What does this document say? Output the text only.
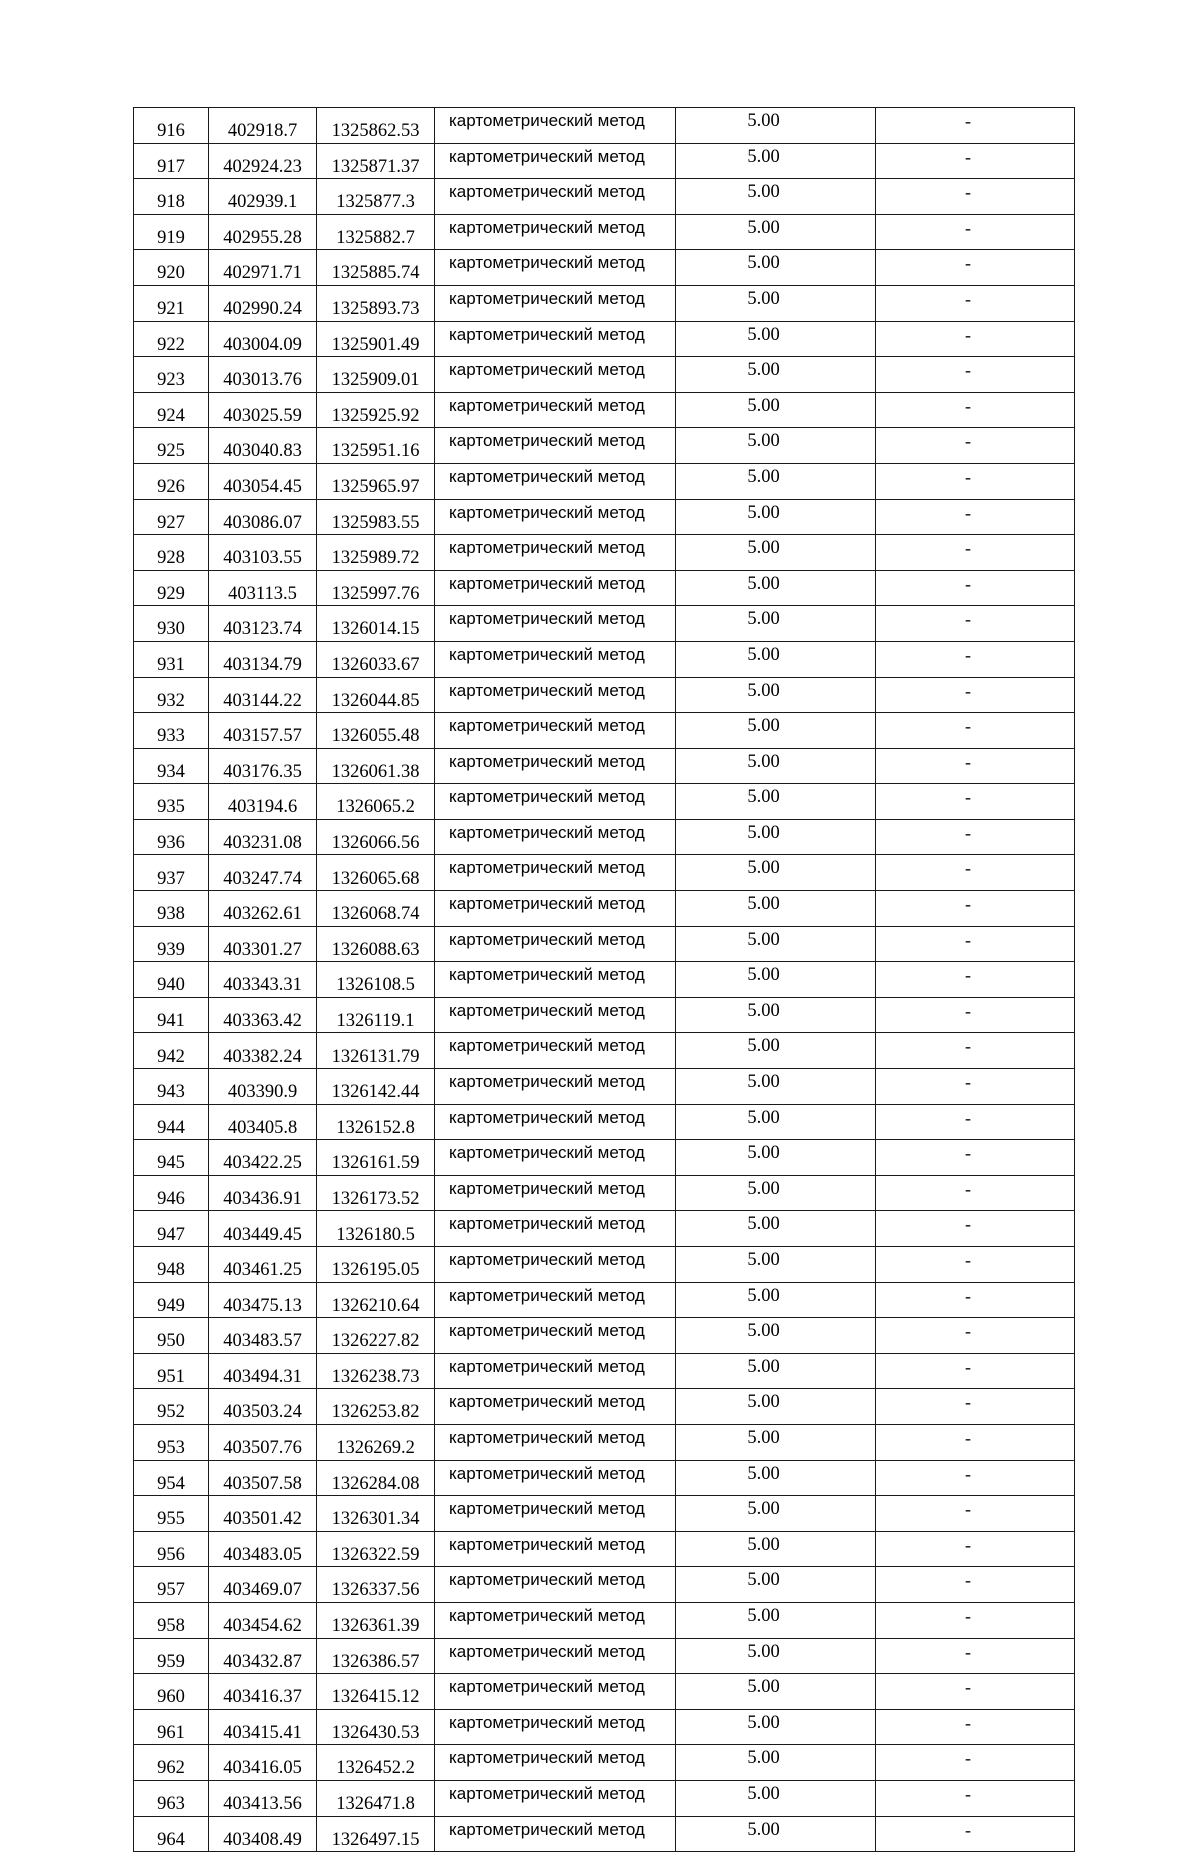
916	402918.7	1325862.53	картометрический метод	5.00	-
917	402924.23	1325871.37	картометрический метод	5.00	-
918	402939.1	1325877.3	картометрический метод	5.00	-
919	402955.28	1325882.7	картометрический метод	5.00	-
920	402971.71	1325885.74	картометрический метод	5.00	-
921	402990.24	1325893.73	картометрический метод	5.00	-
922	403004.09	1325901.49	картометрический метод	5.00	-
923	403013.76	1325909.01	картометрический метод	5.00	-
924	403025.59	1325925.92	картометрический метод	5.00	-
925	403040.83	1325951.16	картометрический метод	5.00	-
926	403054.45	1325965.97	картометрический метод	5.00	-
927	403086.07	1325983.55	картометрический метод	5.00	-
928	403103.55	1325989.72	картометрический метод	5.00	-
929	403113.5	1325997.76	картометрический метод	5.00	-
930	403123.74	1326014.15	картометрический метод	5.00	-
931	403134.79	1326033.67	картометрический метод	5.00	-
932	403144.22	1326044.85	картометрический метод	5.00	-
933	403157.57	1326055.48	картометрический метод	5.00	-
934	403176.35	1326061.38	картометрический метод	5.00	-
935	403194.6	1326065.2	картометрический метод	5.00	-
936	403231.08	1326066.56	картометрический метод	5.00	-
937	403247.74	1326065.68	картометрический метод	5.00	-
938	403262.61	1326068.74	картометрический метод	5.00	-
939	403301.27	1326088.63	картометрический метод	5.00	-
940	403343.31	1326108.5	картометрический метод	5.00	-
941	403363.42	1326119.1	картометрический метод	5.00	-
942	403382.24	1326131.79	картометрический метод	5.00	-
943	403390.9	1326142.44	картометрический метод	5.00	-
944	403405.8	1326152.8	картометрический метод	5.00	-
945	403422.25	1326161.59	картометрический метод	5.00	-
946	403436.91	1326173.52	картометрический метод	5.00	-
947	403449.45	1326180.5	картометрический метод	5.00	-
948	403461.25	1326195.05	картометрический метод	5.00	-
949	403475.13	1326210.64	картометрический метод	5.00	-
950	403483.57	1326227.82	картометрический метод	5.00	-
951	403494.31	1326238.73	картометрический метод	5.00	-
952	403503.24	1326253.82	картометрический метод	5.00	-
953	403507.76	1326269.2	картометрический метод	5.00	-
954	403507.58	1326284.08	картометрический метод	5.00	-
955	403501.42	1326301.34	картометрический метод	5.00	-
956	403483.05	1326322.59	картометрический метод	5.00	-
957	403469.07	1326337.56	картометрический метод	5.00	-
958	403454.62	1326361.39	картометрический метод	5.00	-
959	403432.87	1326386.57	картометрический метод	5.00	-
960	403416.37	1326415.12	картометрический метод	5.00	-
961	403415.41	1326430.53	картометрический метод	5.00	-
962	403416.05	1326452.2	картометрический метод	5.00	-
963	403413.56	1326471.8	картометрический метод	5.00	-
964	403408.49	1326497.15	картометрический метод	5.00	-
